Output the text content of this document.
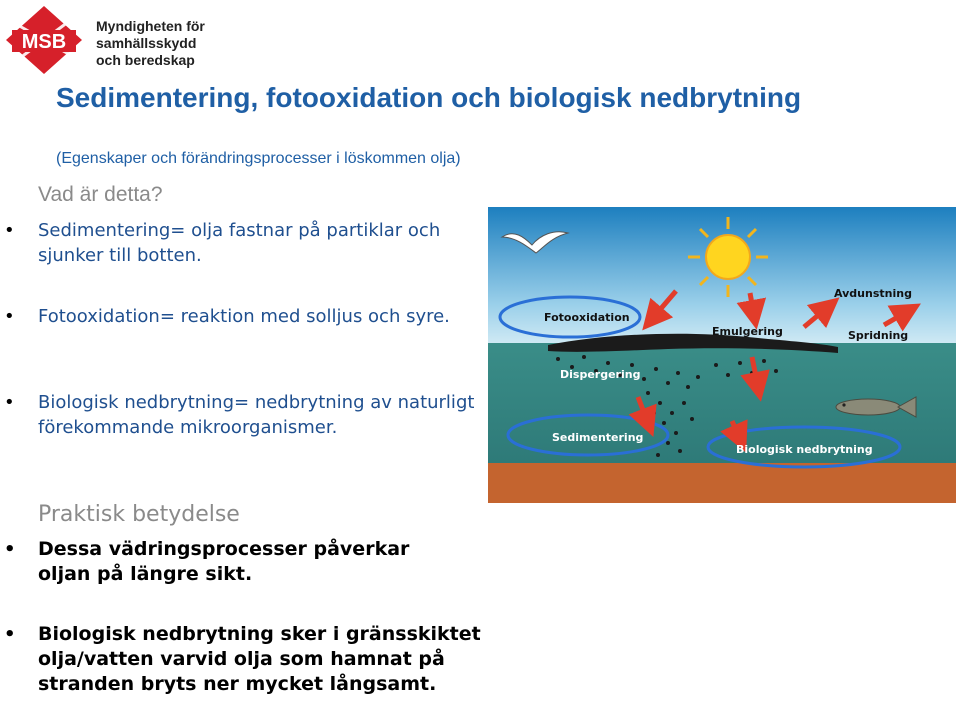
MSB
Myndigheten för
samhällsskydd
och beredskap
Sedimentering, fotooxidation och biologisk nedbrytning
(Egenskaper och förändringsprocesser i löskommen olja)
Vad är detta?
• Sedimentering= olja fastnar på partiklar och sjunker till botten.
• Fotooxidation= reaktion med solljus och syre.
• Biologisk nedbrytning= nedbrytning av naturligt förekommande mikroorganismer.
Praktisk betydelse
• Dessa vädringsprocesser påverkar oljan på längre sikt.
• Biologisk nedbrytning sker i gränsskiktet olja/vatten varvid olja som hamnat på stranden bryts ner mycket långsamt.
Fotooxidation
Avdunstning
Emulgering	Spridning
Dispergering
Sedimentering
Biologisk nedbrytning
